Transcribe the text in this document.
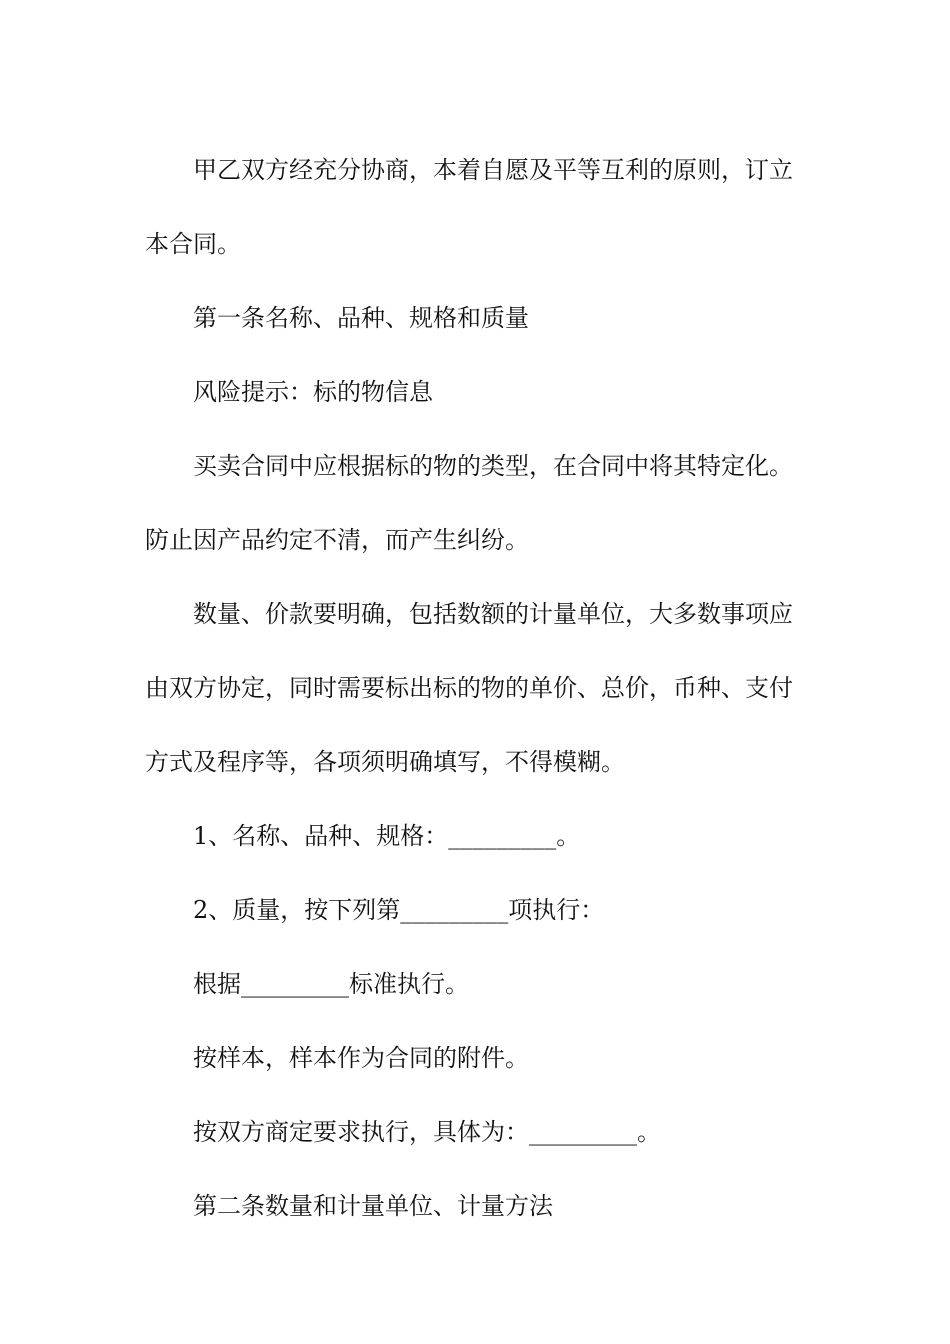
甲乙双方经充分协商，本着自愿及平等互利的原则，订立本合同。

第一条名称、品种、规格和质量

风险提示：标的物信息

买卖合同中应根据标的物的类型，在合同中将其特定化。防止因产品约定不清，而产生纠纷。

数量、价款要明确，包括数额的计量单位，大多数事项应由双方协定，同时需要标出标的物的单价、总价，币种、支付方式及程序等，各项须明确填写，不得模糊。

1、名称、品种、规格：_________。

2、质量，按下列第_________项执行：

根据_________标准执行。

按样本，样本作为合同的附件。

按双方商定要求执行，具体为：_________。

第二条数量和计量单位、计量方法
